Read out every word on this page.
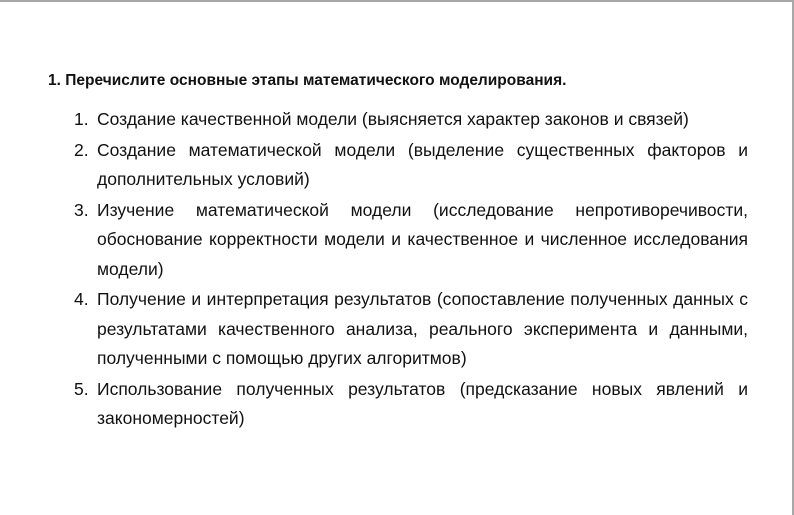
1. Перечислите основные этапы математического моделирования.

1. Создание качественной модели (выясняется характер законов и связей)
2. Создание математической модели (выделение существенных факторов и дополнительных условий)
3. Изучение математической модели (исследование непротиворечивости, обоснование корректности модели и качественное и численное исследования модели)
4. Получение и интерпретация результатов (сопоставление полученных данных с результатами качественного анализа, реального эксперимента и данными, полученными с помощью других алгоритмов)
5. Использование полученных результатов (предсказание новых явлений и закономерностей)
